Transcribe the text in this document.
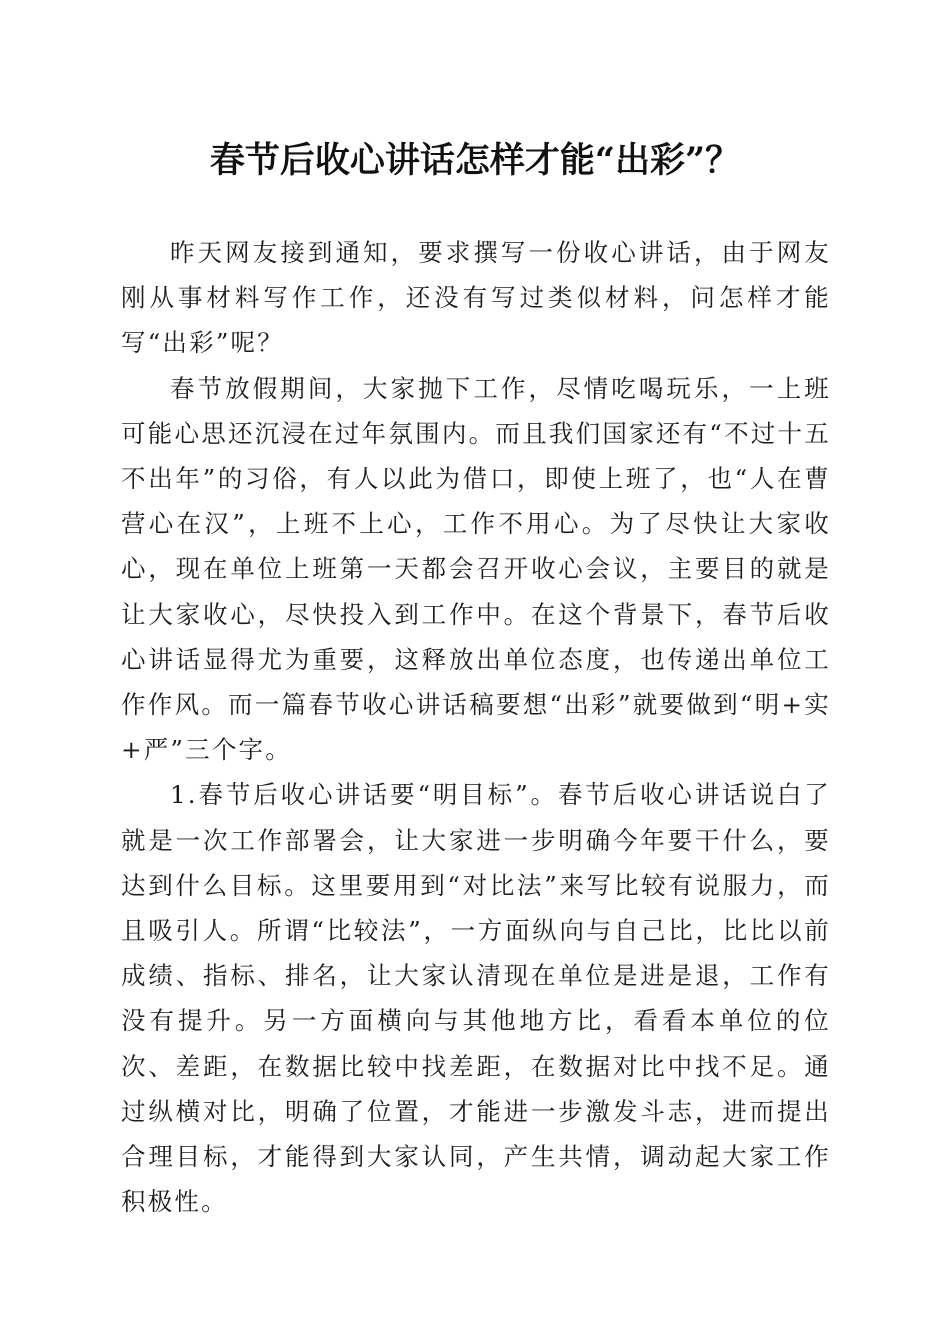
春节后收心讲话怎样才能“出彩”？

昨天网友接到通知，要求撰写一份收心讲话，由于网友刚从事材料写作工作，还没有写过类似材料，问怎样才能写“出彩”呢？

春节放假期间，大家抛下工作，尽情吃喝玩乐，一上班可能心思还沉浸在过年氛围内。而且我们国家还有“不过十五不出年”的习俗，有人以此为借口，即使上班了，也“人在曹营心在汉”，上班不上心，工作不用心。为了尽快让大家收心，现在单位上班第一天都会召开收心会议，主要目的就是让大家收心，尽快投入到工作中。在这个背景下，春节后收心讲话显得尤为重要，这释放出单位态度，也传递出单位工作作风。而一篇春节收心讲话稿要想“出彩”就要做到“明+实+严”三个字。

1.春节后收心讲话要“明目标”。春节后收心讲话说白了就是一次工作部署会，让大家进一步明确今年要干什么，要达到什么目标。这里要用到“对比法”来写比较有说服力，而且吸引人。所谓“比较法”，一方面纵向与自己比，比比以前成绩、指标、排名，让大家认清现在单位是进是退，工作有没有提升。另一方面横向与其他地方比，看看本单位的位次、差距，在数据比较中找差距，在数据对比中找不足。通过纵横对比，明确了位置，才能进一步激发斗志，进而提出合理目标，才能得到大家认同，产生共情，调动起大家工作积极性。
